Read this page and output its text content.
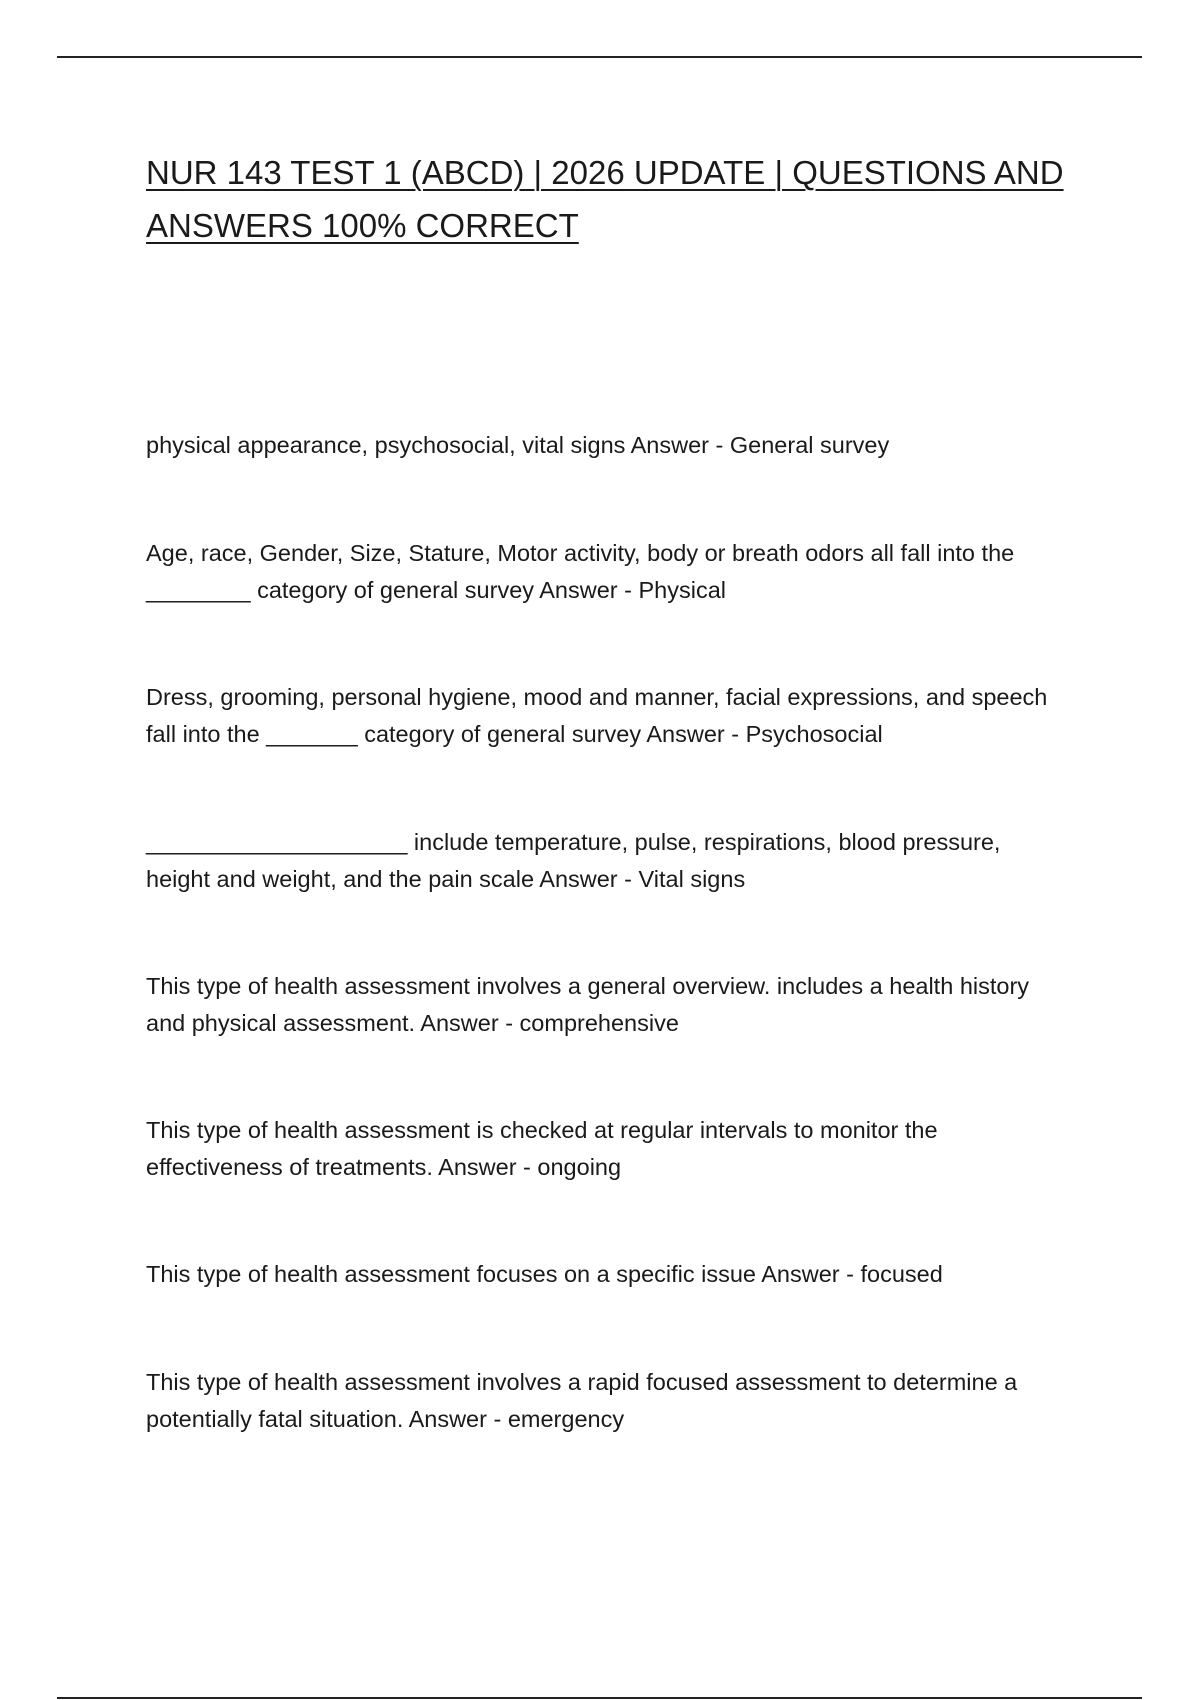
NUR 143 TEST 1 (ABCD) | 2026 UPDATE | QUESTIONS AND ANSWERS 100% CORRECT

physical appearance, psychosocial, vital signs Answer - General survey

Age, race, Gender, Size, Stature, Motor activity, body or breath odors all fall into the ________ category of general survey Answer - Physical

Dress, grooming, personal hygiene, mood and manner, facial expressions, and speech fall into the _______ category of general survey Answer - Psychosocial

____________________ include temperature, pulse, respirations, blood pressure, height and weight, and the pain scale Answer - Vital signs

This type of health assessment involves a general overview. includes a health history and physical assessment. Answer - comprehensive

This type of health assessment is checked at regular intervals to monitor the effectiveness of treatments. Answer - ongoing

This type of health assessment focuses on a specific issue Answer - focused

This type of health assessment involves a rapid focused assessment to determine a potentially fatal situation. Answer - emergency
